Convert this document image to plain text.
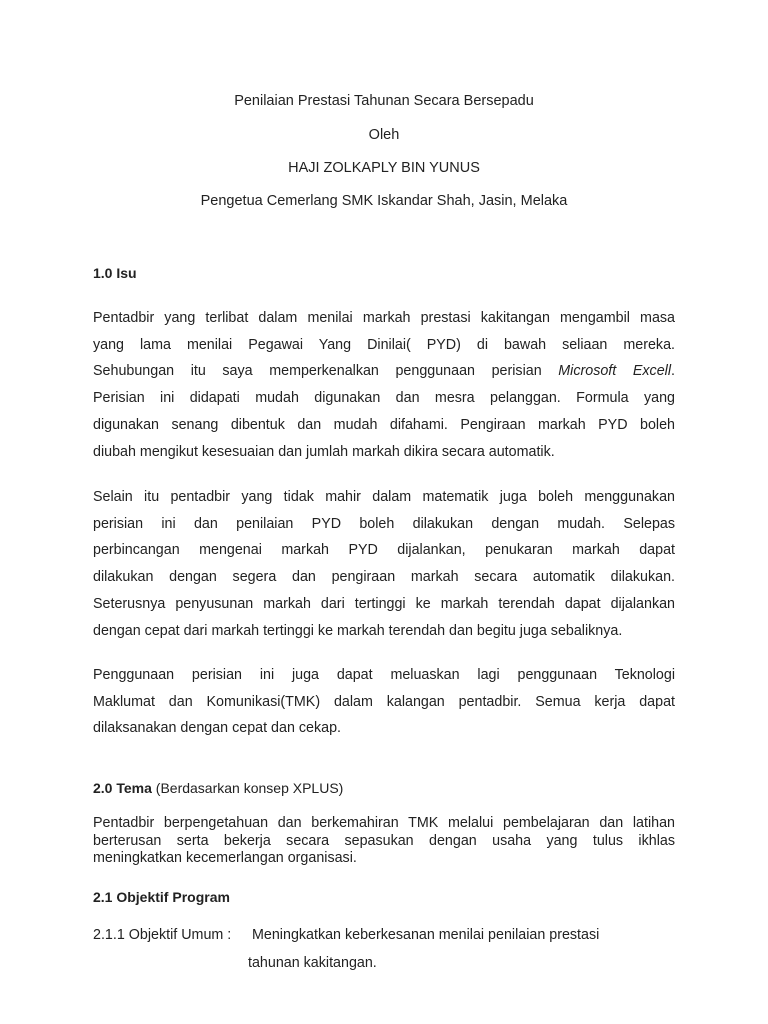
Penilaian Prestasi Tahunan Secara Bersepadu
Oleh
HAJI ZOLKAPLY BIN YUNUS
Pengetua Cemerlang SMK Iskandar Shah, Jasin, Melaka
1.0 Isu
Pentadbir yang terlibat dalam menilai markah prestasi kakitangan mengambil masa
yang lama menilai Pegawai Yang Dinilai( PYD) di bawah seliaan mereka.
Sehubungan itu saya memperkenalkan penggunaan perisian Microsoft Excell.
Perisian ini didapati mudah digunakan dan mesra pelanggan. Formula yang
digunakan senang dibentuk dan mudah difahami. Pengiraan markah PYD boleh
diubah mengikut kesesuaian dan jumlah markah dikira secara automatik.
Selain itu pentadbir yang tidak mahir dalam matematik juga boleh menggunakan
perisian ini dan penilaian PYD boleh dilakukan dengan mudah. Selepas
perbincangan mengenai markah PYD dijalankan, penukaran markah dapat
dilakukan dengan segera dan pengiraan markah secara automatik dilakukan.
Seterusnya penyusunan markah dari tertinggi ke markah terendah dapat dijalankan
dengan cepat dari markah tertinggi ke markah terendah dan begitu juga sebaliknya.
Penggunaan perisian ini juga dapat meluaskan lagi penggunaan Teknologi
Maklumat dan Komunikasi(TMK) dalam kalangan pentadbir. Semua kerja dapat
dilaksanakan dengan cepat dan cekap.
2.0 Tema (Berdasarkan konsep XPLUS)
Pentadbir berpengetahuan dan berkemahiran TMK melalui pembelajaran dan latihan
berterusan serta bekerja secara sepasukan dengan usaha yang tulus ikhlas
meningkatkan kecemerlangan organisasi.
2.1 Objektif Program
2.1.1 Objektif Umum : Meningkatkan keberkesanan menilai penilaian prestasi
tahunan kakitangan.
